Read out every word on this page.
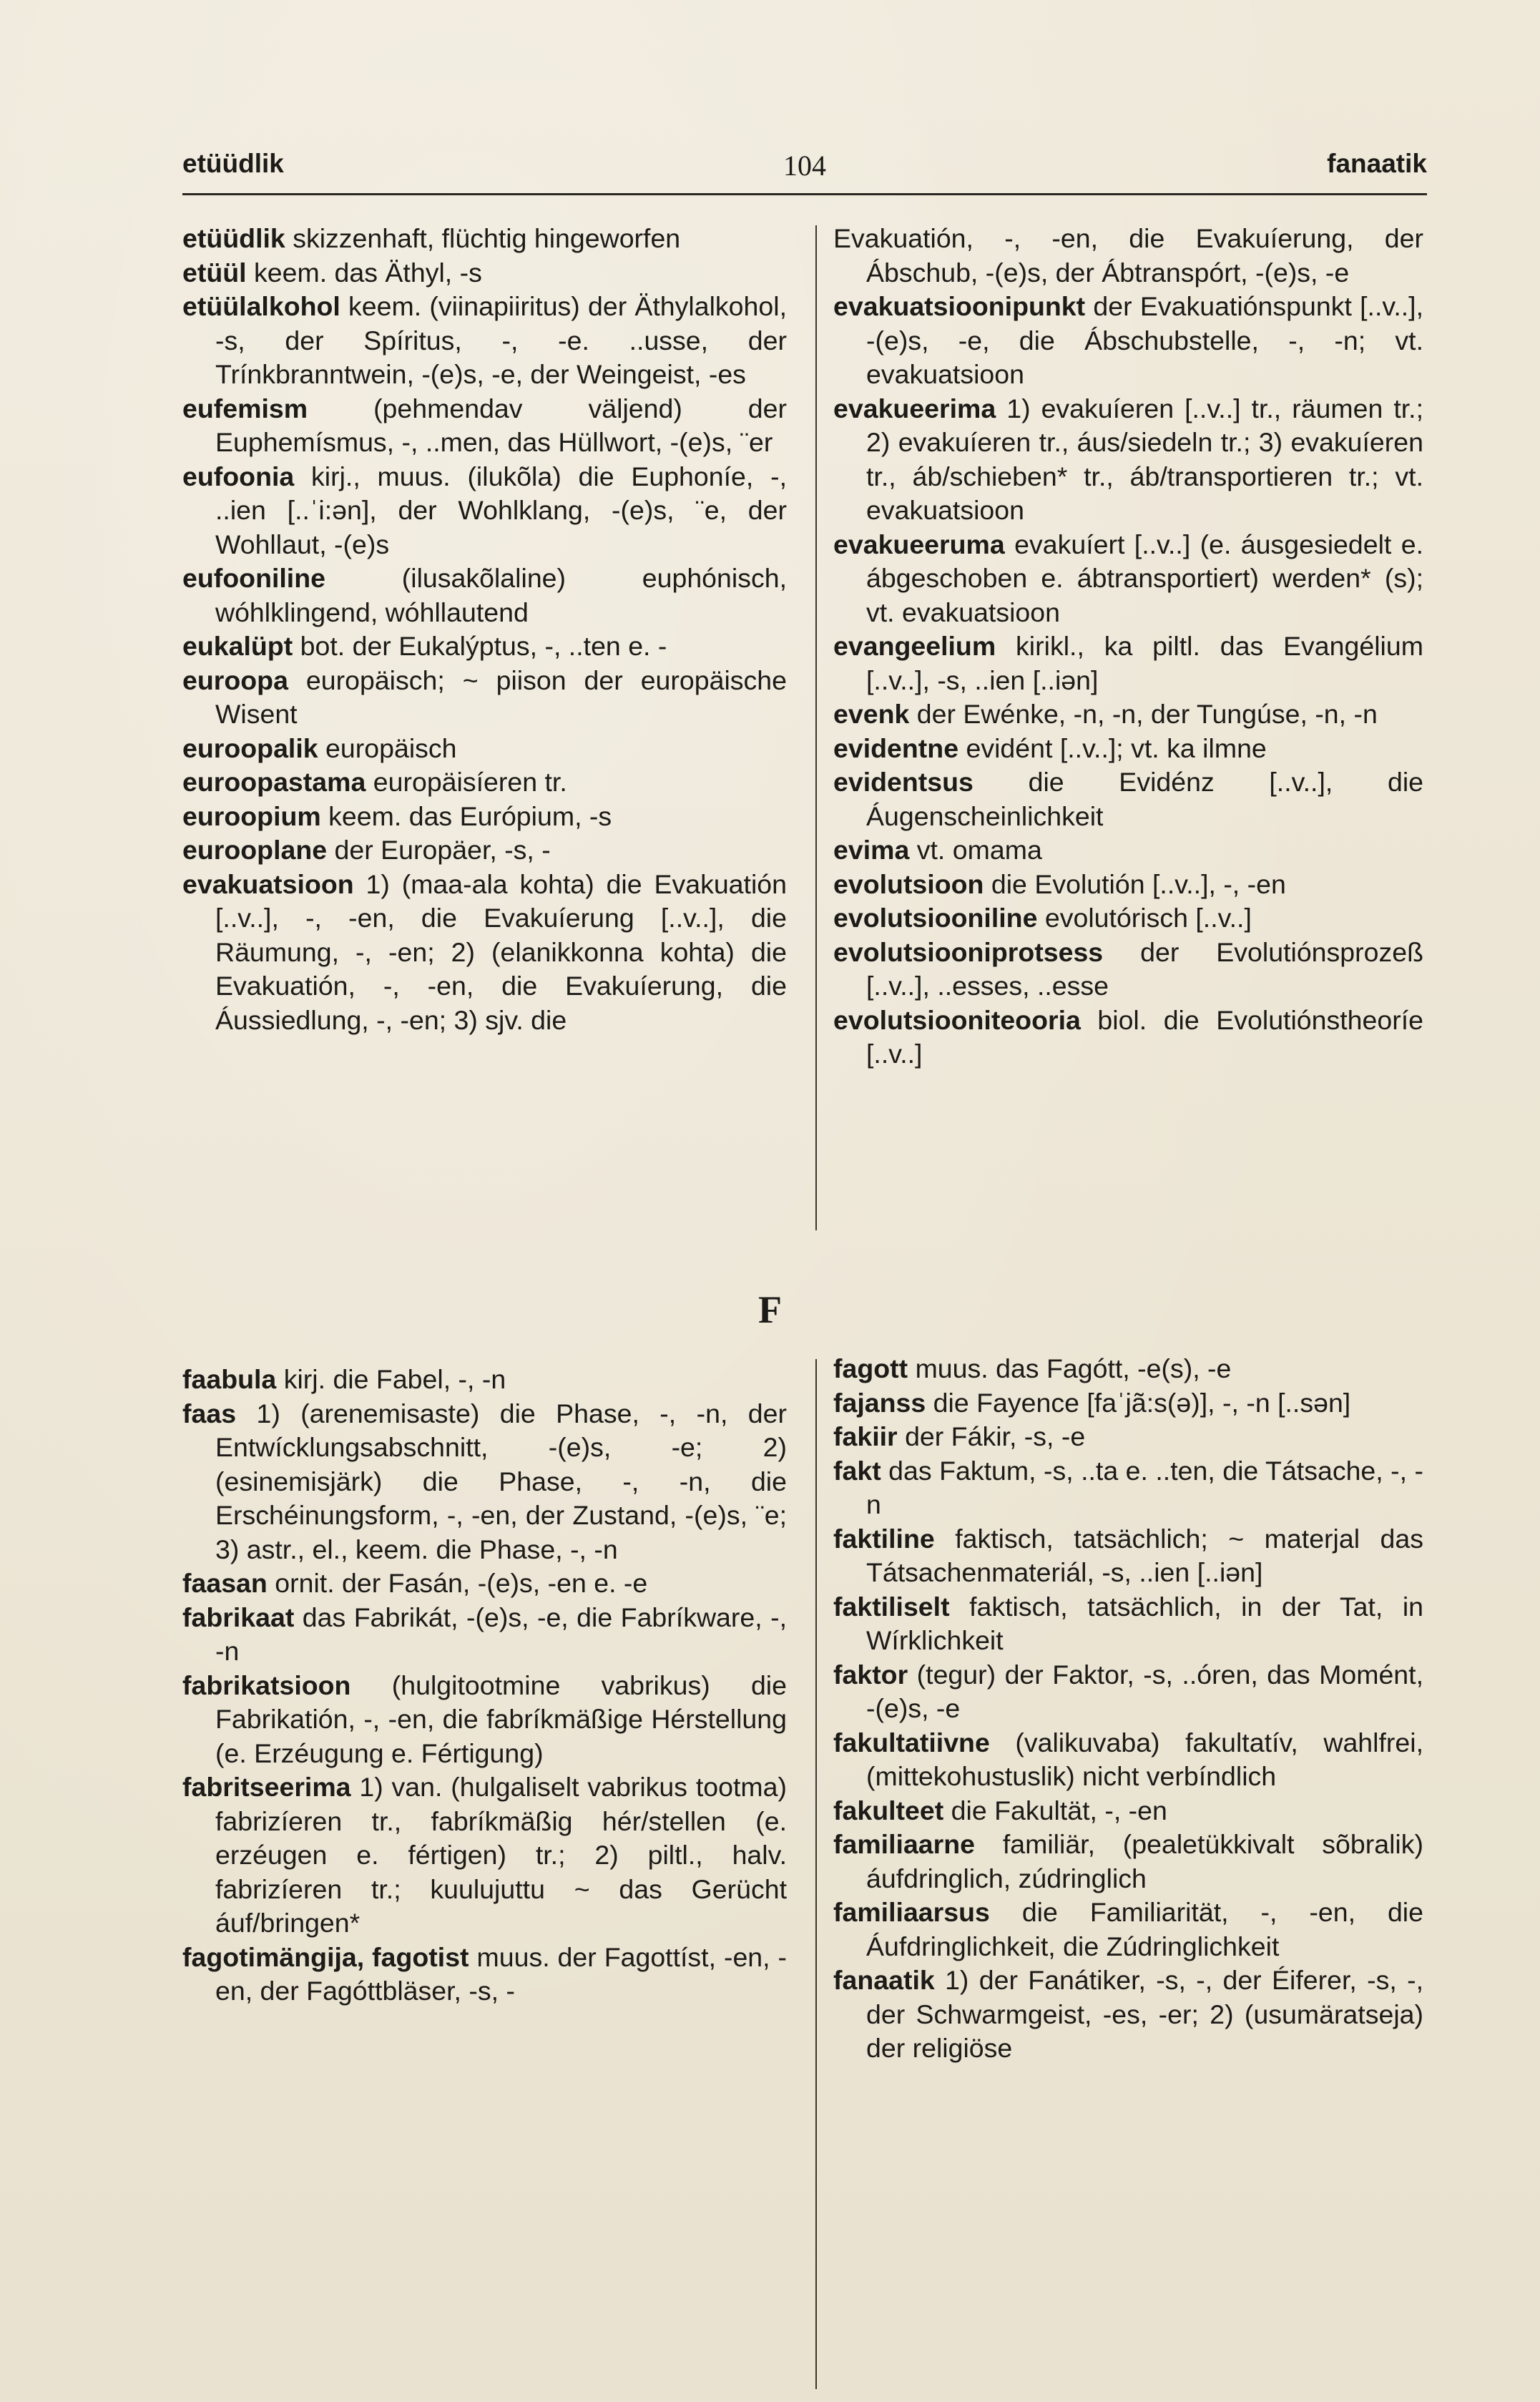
etüüdlik	104	fanaatik
etüüdlik skizzenhaft, flüchtig hingeworfen
etüül keem. das Äthyl, -s
etüülalkohol keem. (viinapiiritus) der Äthylalkohol, -s, der Spíritus, -, -e. ..usse, der Trínkbranntwein, -(e)s, -e, der Weingeist, -es
eufemism (pehmendav väljend) der Euphemísmus, -, ..men, das Hüllwort, -(e)s, ¨er
eufoonia kirj., muus. (ilukõla) die Euphoníe, -, ..ien [..ˈi:ən], der Wohlklang, -(e)s, ¨e, der Wohllaut, -(e)s
eufooniline	(ilusakõlaline) euphónisch, wóhlklingend, wóhllautend
eukalüpt bot. der Eukalýptus, -, ..ten e. -
euroopa europäisch; ~ piison der europäische Wisent
euroopalik europäisch
euroopastama europäisíeren tr.
euroopium keem. das Európium, -s
eurooplane der Europäer, -s, -
evakuatsioon 1) (maa-ala kohta) die Evakuatión [..v..], -, -en, die Evakuíerung [..v..], die Räumung, -, -en; 2) (elanikkonna kohta) die Evakuatión, -, -en, die Evakuíerung, die Áussiedlung, -, -en; 3) sjv. die
Evakuatión, -, -en, die Evakuíerung, der Ábschub, -(e)s, der Ábtranspórt, -(e)s, -e
evakuatsioonipunkt der Evakuatiónspunkt [..v..], -(e)s, -e, die Ábschubstelle, -, -n; vt. evakuatsioon
evakueerima 1) evakuíeren [..v..] tr., räumen tr.; 2) evakuíeren tr., áus/siedeln tr.; 3) evakuíeren tr., áb/schieben* tr., áb/transportieren tr.; vt. evakuatsioon
evakueeruma evakuíert [..v..] (e. áusgesiedelt e. ábgeschoben e. ábtransportiert) werden* (s); vt. evakuatsioon
evangeelium kirikl., ka piltl. das Evangélium [..v..], -s, ..ien [..iən]
evenk der Ewénke, -n, -n, der Tungúse, -n, -n
evidentne evidént [..v..]; vt. ka ilmne
evidentsus die Evidénz [..v..], die Áugenscheinlichkeit
evima vt. omama
evolutsioon die Evolutión [..v..], -, -en
evolutsiooniline evolutórisch [..v..]
evolutsiooniprotsess der Evolutiónsprozeß [..v..], ..esses, ..esse
evolutsiooniteooria biol. die Evolutiónstheoríe [..v..]
F
faabula kirj. die Fabel, -, -n
faas 1) (arenemisaste) die Phase, -, -n, der Entwícklungsabschnitt, -(e)s, -e; 2) (esinemisjärk) die Phase, -, -n, die Erschéinungsform, -, -en, der Zustand, -(e)s, ¨e; 3) astr., el., keem. die Phase, -, -n
faasan ornit. der Fasán, -(e)s, -en e. -e
fabrikaat das Fabrikát, -(e)s, -e, die Fabríkware, -, -n
fabrikatsioon (hulgitootmine vabrikus) die Fabrikatión, -, -en, die fabríkmäßige Hérstellung (e. Erzéugung e. Fértigung)
fabritseerima 1) van. (hulgaliselt vabrikus tootma) fabrizíeren tr., fabríkmäßig hér/stellen (e. erzéugen e. fértigen) tr.; 2) piltl., halv. fabrizíeren tr.; kuulujuttu ~ das Gerücht áuf/bringen*
fagotimängija, fagotist muus. der Fagottíst, -en, -en, der Fagóttbläser, -s, -
fagott muus. das Fagótt, -e(s), -e
fajanss die Fayence [faˈjã:s(ə)], -, -n [..sən]
fakiir der Fákir, -s, -e
fakt das Faktum, -s, ..ta e. ..ten, die Tátsache, -, -n
faktiline faktisch, tatsächlich; ~ materjal das Tátsachenmateriál, -s, ..ien [..iən]
faktiliselt faktisch, tatsächlich, in der Tat, in Wírklichkeit
faktor (tegur) der Faktor, -s, ..óren, das Momént, -(e)s, -e
fakultatiivne (valikuvaba) fakultatív, wahlfrei, (mittekohustuslik) nicht verbíndlich
fakulteet die Fakultät, -, -en
familiaarne familiär, (pealetükkivalt sõbralik) áufdringlich, zúdringlich
familiaarsus die Familiarität, -, -en, die Áufdringlichkeit, die Zúdringlichkeit
fanaatik 1) der Fanátiker, -s, -, der Éiferer, -s, -, der Schwarmgeist, -es, -er; 2) (usumäratseja) der religiöse
